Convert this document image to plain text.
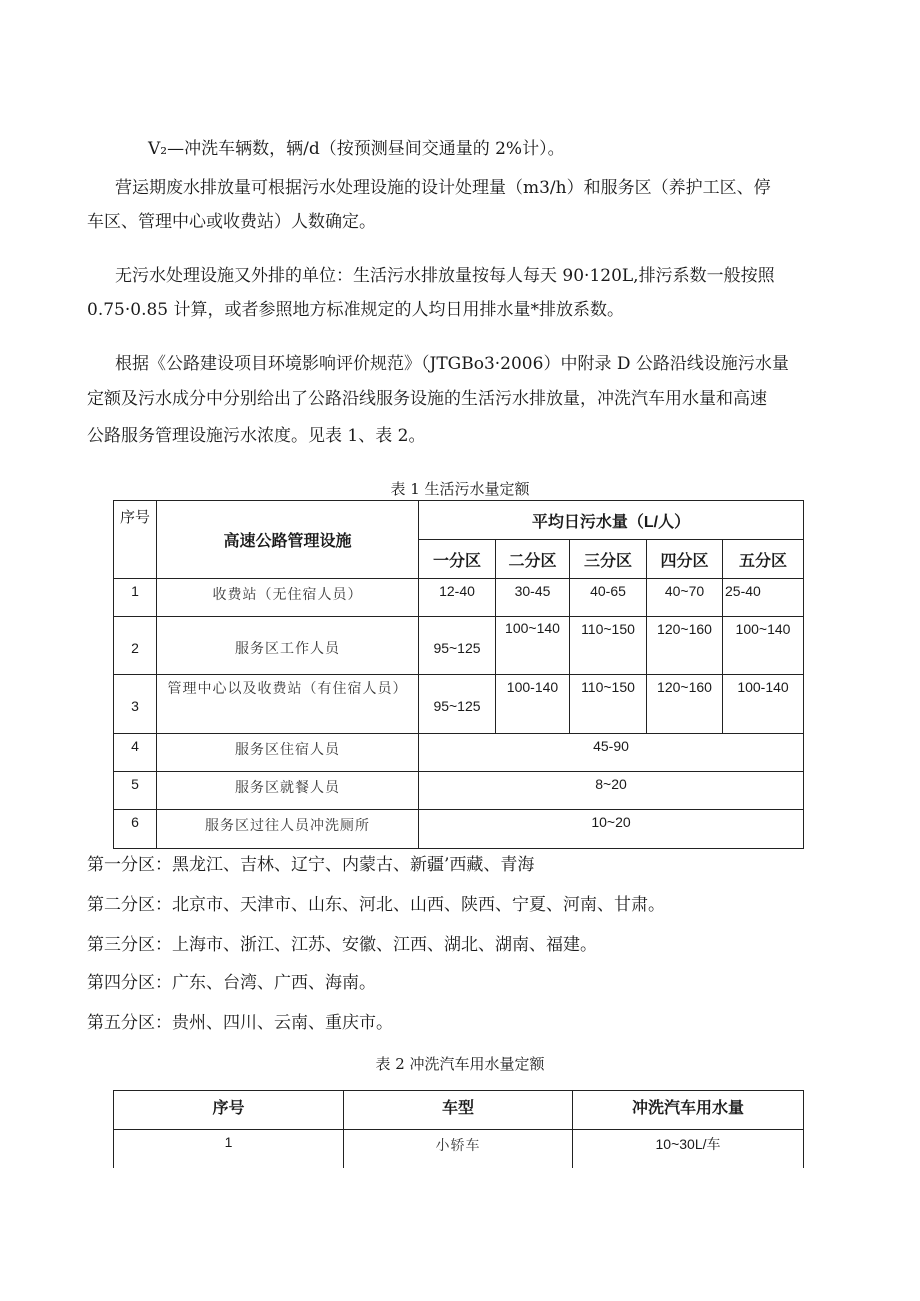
V₂—冲洗车辆数，辆/d（按预测昼间交通量的 2%计）。
营运期废水排放量可根据污水处理设施的设计处理量（m3/h）和服务区（养护工区、停
车区、管理中心或收费站）人数确定。
无污水处理设施又外排的单位：生活污水排放量按每人每天 90·120L,排污系数一般按照
0.75·0.85 计算，或者参照地方标准规定的人均日用排水量*排放系数。
根据《公路建设项目环境影响评价规范》（JTGBo3·2006）中附录 D 公路沿线设施污水量
定额及污水成分中分别给出了公路沿线服务设施的生活污水排放量，冲洗汽车用水量和高速
公路服务管理设施污水浓度。见表 1、表 2。
表 1 生活污水量定额
序号	高速公路管理设施	平均日污水量（L/人）				
		一分区	二分区	三分区	四分区	五分区
1	收费站（无住宿人员）	12-40	30-45	40-65	40~70	25-40
2	服务区工作人员	95~125	100~140	110~150	120~160	100~140
3	管理中心以及收费站（有住宿人员）	95~125	100-140	110~150	120~160	100-140
4	服务区住宿人员	45-90				
5	服务区就餐人员	8~20				
6	服务区过往人员冲洗厕所	10~20				
第一分区：黑龙江、吉林、辽宁、内蒙古、新疆’西藏、青海
第二分区：北京市、天津市、山东、河北、山西、陕西、宁夏、河南、甘肃。
第三分区：上海市、浙江、江苏、安徽、江西、湖北、湖南、福建。
第四分区：广东、台湾、广西、海南。
第五分区：贵州、四川、云南、重庆市。
表 2 冲洗汽车用水量定额
序号	车型	冲洗汽车用水量
1	小轿车	10~30L/车
